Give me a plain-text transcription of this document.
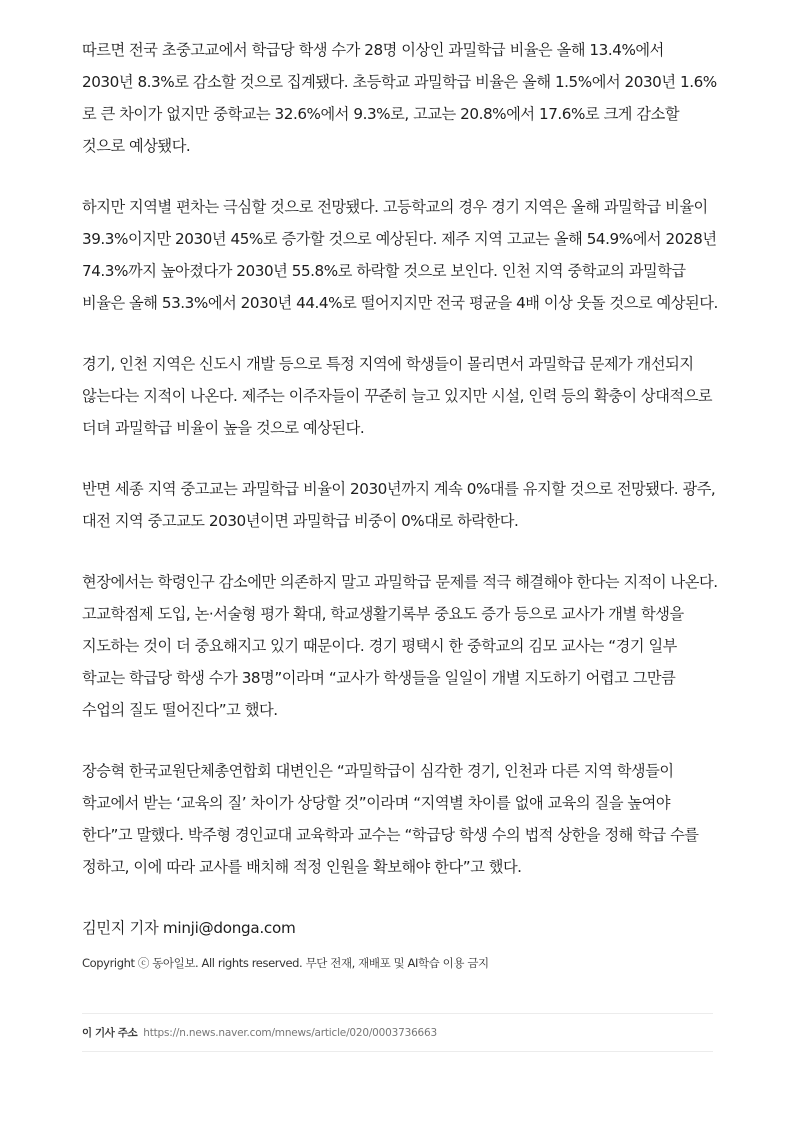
따르면 전국 초중고교에서 학급당 학생 수가 28명 이상인 과밀학급 비율은 올해 13.4%에서 2030년 8.3%로 감소할 것으로 집계됐다. 초등학교 과밀학급 비율은 올해 1.5%에서 2030년 1.6%로 큰 차이가 없지만 중학교는 32.6%에서 9.3%로, 고교는 20.8%에서 17.6%로 크게 감소할 것으로 예상됐다.

하지만 지역별 편차는 극심할 것으로 전망됐다. 고등학교의 경우 경기 지역은 올해 과밀학급 비율이 39.3%이지만 2030년 45%로 증가할 것으로 예상된다. 제주 지역 고교는 올해 54.9%에서 2028년 74.3%까지 높아졌다가 2030년 55.8%로 하락할 것으로 보인다. 인천 지역 중학교의 과밀학급 비율은 올해 53.3%에서 2030년 44.4%로 떨어지지만 전국 평균을 4배 이상 웃돌 것으로 예상된다.

경기, 인천 지역은 신도시 개발 등으로 특정 지역에 학생들이 몰리면서 과밀학급 문제가 개선되지 않는다는 지적이 나온다. 제주는 이주자들이 꾸준히 늘고 있지만 시설, 인력 등의 확충이 상대적으로 더뎌 과밀학급 비율이 높을 것으로 예상된다.

반면 세종 지역 중고교는 과밀학급 비율이 2030년까지 계속 0%대를 유지할 것으로 전망됐다. 광주, 대전 지역 중고교도 2030년이면 과밀학급 비중이 0%대로 하락한다.

현장에서는 학령인구 감소에만 의존하지 말고 과밀학급 문제를 적극 해결해야 한다는 지적이 나온다. 고교학점제 도입, 논·서술형 평가 확대, 학교생활기록부 중요도 증가 등으로 교사가 개별 학생을 지도하는 것이 더 중요해지고 있기 때문이다. 경기 평택시 한 중학교의 김모 교사는 “경기 일부 학교는 학급당 학생 수가 38명”이라며 “교사가 학생들을 일일이 개별 지도하기 어렵고 그만큼 수업의 질도 떨어진다”고 했다.

장승혁 한국교원단체총연합회 대변인은 “과밀학급이 심각한 경기, 인천과 다른 지역 학생들이 학교에서 받는 ‘교육의 질’ 차이가 상당할 것”이라며 “지역별 차이를 없애 교육의 질을 높여야 한다”고 말했다. 박주형 경인교대 교육학과 교수는 “학급당 학생 수의 법적 상한을 정해 학급 수를 정하고, 이에 따라 교사를 배치해 적정 인원을 확보해야 한다”고 했다.

김민지 기자 minji@donga.com
Copyright ⓒ 동아일보. All rights reserved. 무단 전재, 재배포 및 AI학습 이용 금지
이 기사 주소 https://n.news.naver.com/mnews/article/020/0003736663
